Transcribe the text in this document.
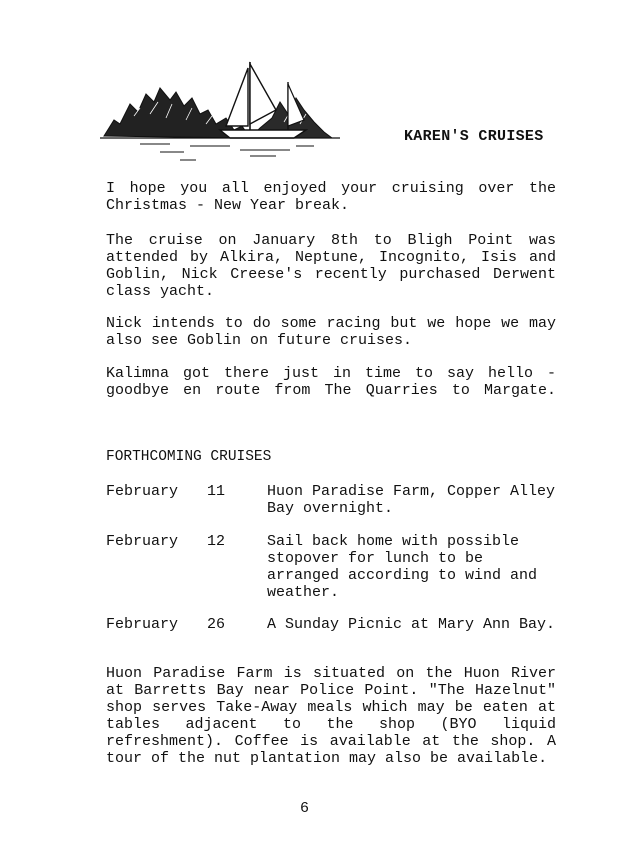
KAREN'S CRUISES

I hope you all enjoyed your cruising over the Christmas - New Year break.

The cruise on January 8th to Bligh Point was attended by Alkira, Neptune, Incognito, Isis and Goblin, Nick Creese's recently purchased Derwent class yacht.

Nick intends to do some racing but we hope we may also see Goblin on future cruises.

Kalimna got there just in time to say hello - goodbye en route from The Quarries to Margate.

FORTHCOMING CRUISES
February 11	Huon Paradise Farm, Copper Alley Bay overnight.
February 12	Sail back home with possible stopover for lunch to be arranged according to wind and weather.
February 26	A Sunday Picnic at Mary Ann Bay.

Huon Paradise Farm is situated on the Huon River at Barretts Bay near Police Point. "The Hazelnut" shop serves Take-Away meals which may be eaten at tables adjacent to the shop (BYO liquid refreshment). Coffee is available at the shop. A tour of the nut plantation may also be available.

6
